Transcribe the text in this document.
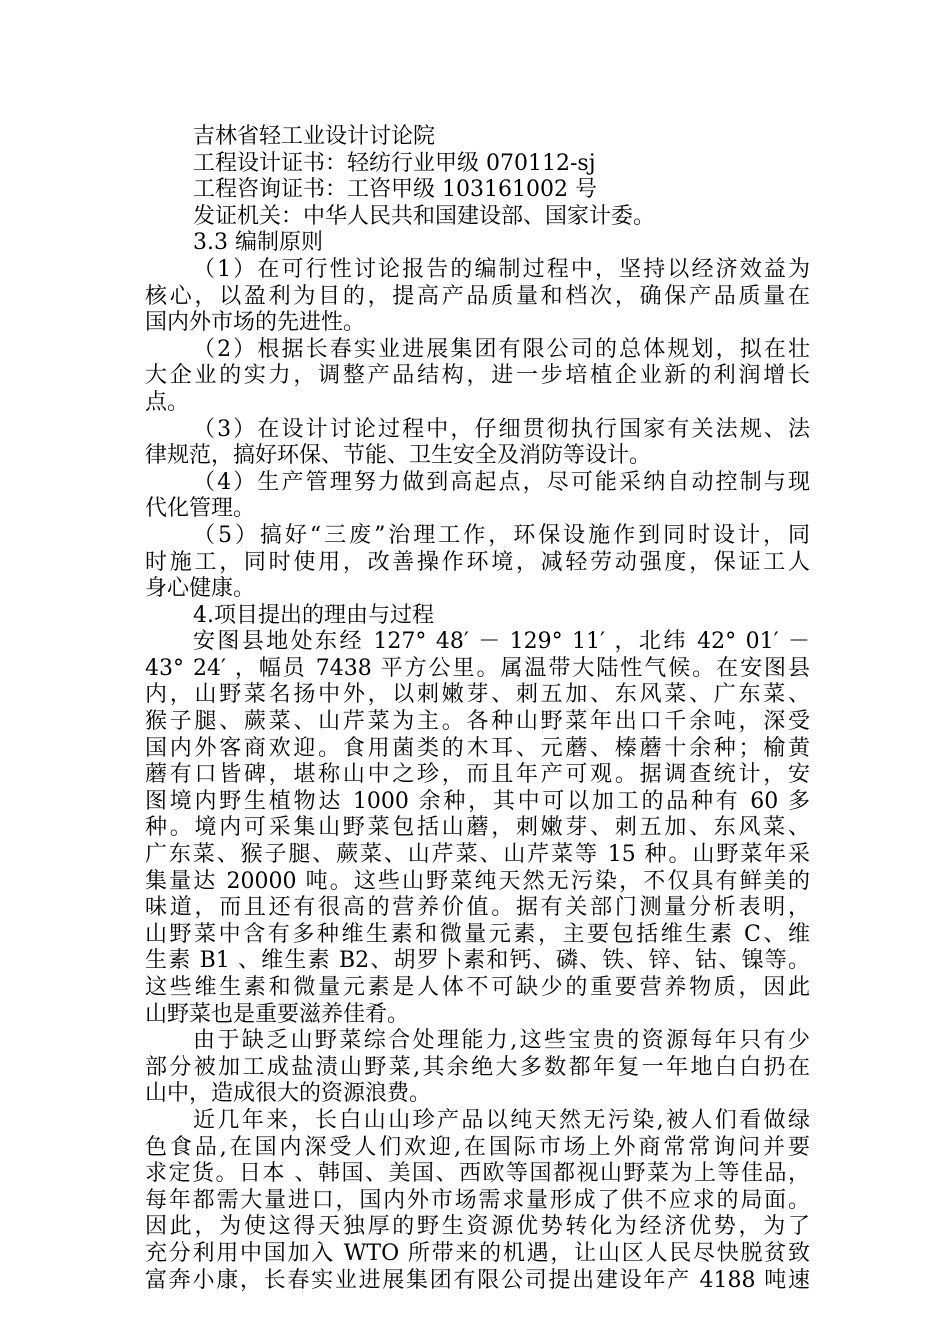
吉林省轻工业设计讨论院
工程设计证书：轻纺行业甲级 070112-sj
工程咨询证书：工咨甲级 103161002 号
发证机关：中华人民共和国建设部、国家计委。
3.3 编制原则
（1）在可行性讨论报告的编制过程中，坚持以经济效益为
核心，以盈利为目的，提高产品质量和档次，确保产品质量在
国内外市场的先进性。
（2）根据长春实业进展集团有限公司的总体规划，拟在壮
大企业的实力，调整产品结构，进一步培植企业新的利润增长
点。
（3）在设计讨论过程中，仔细贯彻执行国家有关法规、法
律规范，搞好环保、节能、卫生安全及消防等设计。
（4）生产管理努力做到高起点，尽可能采纳自动控制与现
代化管理。
（5）搞好“三废”治理工作，环保设施作到同时设计，同
时施工，同时使用，改善操作环境，减轻劳动强度，保证工人
身心健康。
4.项目提出的理由与过程
安图县地处东经 127° 48′ － 129° 11′ ，北纬 42° 01′ －
43° 24′ ，幅员 7438 平方公里。属温带大陆性气候。在安图县
内，山野菜名扬中外，以刺嫩芽、刺五加、东风菜、广东菜、
猴子腿、蕨菜、山芹菜为主。各种山野菜年出口千余吨，深受
国内外客商欢迎。食用菌类的木耳、元蘑、榛蘑十余种；榆黄
蘑有口皆碑，堪称山中之珍，而且年产可观。据调查统计，安
图境内野生植物达 1000 余种，其中可以加工的品种有 60 多
种。境内可采集山野菜包括山蘑，刺嫩芽、刺五加、东风菜、
广东菜、猴子腿、蕨菜、山芹菜、山芹菜等 15 种。山野菜年采
集量达 20000 吨。这些山野菜纯天然无污染，不仅具有鲜美的
味道，而且还有很高的营养价值。据有关部门测量分析表明，
山野菜中含有多种维生素和微量元素，主要包括维生素 C、维
生素 B1 、维生素 B2、胡罗卜素和钙、磷、铁、锌、钴、镍等。
这些维生素和微量元素是人体不可缺少的重要营养物质，因此
山野菜也是重要滋养佳肴。
由于缺乏山野菜综合处理能力,这些宝贵的资源每年只有少
部分被加工成盐渍山野菜,其余绝大多数都年复一年地白白扔在
山中，造成很大的资源浪费。
近几年来，长白山山珍产品以纯天然无污染,被人们看做绿
色食品,在国内深受人们欢迎,在国际市场上外商常常询问并要
求定货。日本 、韩国、美国、西欧等国都视山野菜为上等佳品，
每年都需大量进口，国内外市场需求量形成了供不应求的局面。
因此，为使这得天独厚的野生资源优势转化为经济优势，为了
充分利用中国加入 WTO 所带来的机遇，让山区人民尽快脱贫致
富奔小康，长春实业进展集团有限公司提出建设年产 4188 吨速
